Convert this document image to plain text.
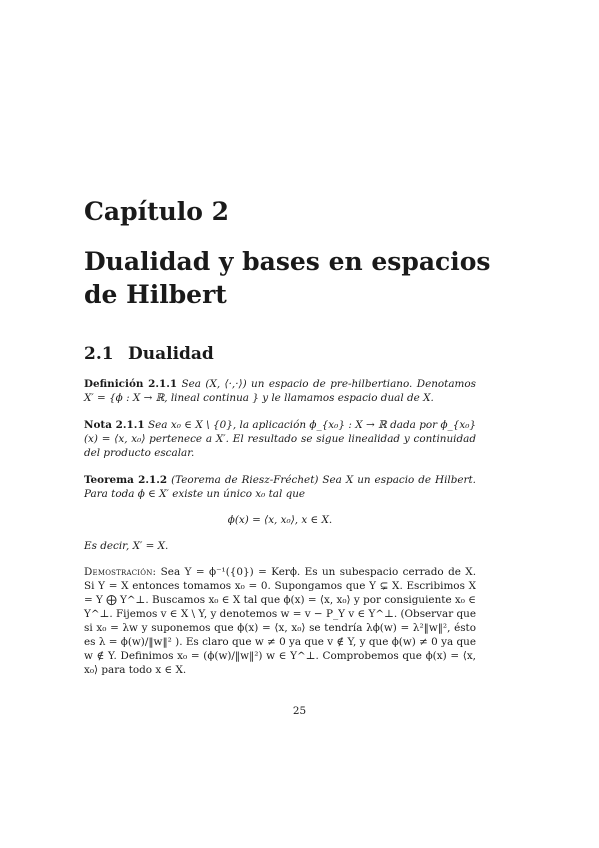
Capítulo 2
Dualidad y bases en espacios de Hilbert
2.1 Dualidad
Definición 2.1.1 Sea (X, ⟨·,·⟩) un espacio de pre-hilbertiano. Denotamos X′ = {ϕ : X → ℝ, lineal continua } y le llamamos espacio dual de X.
Nota 2.1.1 Sea x₀ ∈ X \ {0}, la aplicación ϕ_{x₀} : X → ℝ dada por ϕ_{x₀}(x) = ⟨x, x₀⟩ pertenece a X′. El resultado se sigue linealidad y continuidad del producto escalar.
Teorema 2.1.2 (Teorema de Riesz-Fréchet) Sea X un espacio de Hilbert. Para toda ϕ ∈ X′ existe un único x₀ tal que
ϕ(x) = ⟨x, x₀⟩, x ∈ X.
Es decir, X′ = X.
Demostración: Sea Y = ϕ⁻¹({0}) = Kerϕ. Es un subespacio cerrado de X. Si Y = X entonces tomamos x₀ = 0. Supongamos que Y ⊊ X. Escribimos X = Y ⨁ Y^⊥. Buscamos x₀ ∈ X tal que ϕ(x) = ⟨x, x₀⟩ y por consiguiente x₀ ∈ Y^⊥. Fijemos v ∈ X \ Y, y denotemos w = v − P_Y v ∈ Y^⊥. (Observar que si x₀ = λw y suponemos que ϕ(x) = ⟨x, x₀⟩ se tendría λϕ(w) = λ²‖w‖², ésto es λ = ϕ(w)/‖w‖² ). Es claro que w ≠ 0 ya que v ∉ Y, y que ϕ(w) ≠ 0 ya que w ∉ Y. Definimos x₀ = (ϕ(w)/‖w‖²) w ∈ Y^⊥. Comprobemos que ϕ(x) = ⟨x, x₀⟩ para todo x ∈ X.
25
